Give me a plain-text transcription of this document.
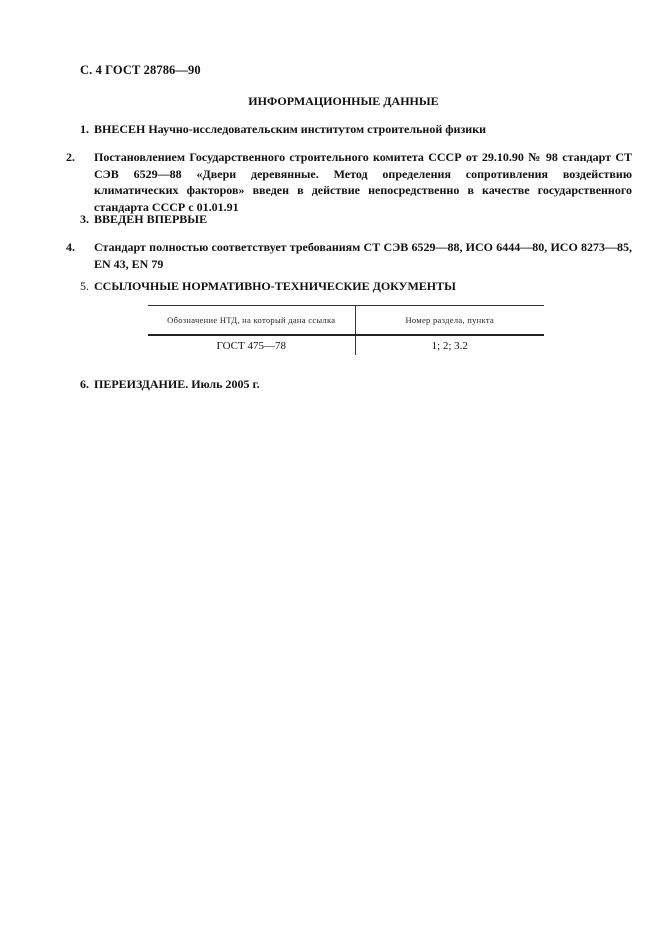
С. 4 ГОСТ 28786—90
ИНФОРМАЦИОННЫЕ ДАННЫЕ
1. ВНЕСЕН Научно-исследовательским институтом строительной физики
2. Постановлением Государственного строительного комитета СССР от 29.10.90 № 98 стандарт СТ СЭВ 6529—88 «Двери деревянные. Метод определения сопротивления воздействию климатических факторов» введен в действие непосредственно в качестве государственного стандарта СССР с 01.01.91
3. ВВЕДЕН ВПЕРВЫЕ
4. Стандарт полностью соответствует требованиям СТ СЭВ 6529—88, ИСО 6444—80, ИСО 8273—85, EN 43, EN 79
5. ССЫЛОЧНЫЕ НОРМАТИВНО-ТЕХНИЧЕСКИЕ ДОКУМЕНТЫ
Обозначение НТД, на который дана ссылка	Номер раздела, пункта
ГОСТ 475—78	1; 2; 3.2
6. ПЕРЕИЗДАНИЕ. Июль 2005 г.
